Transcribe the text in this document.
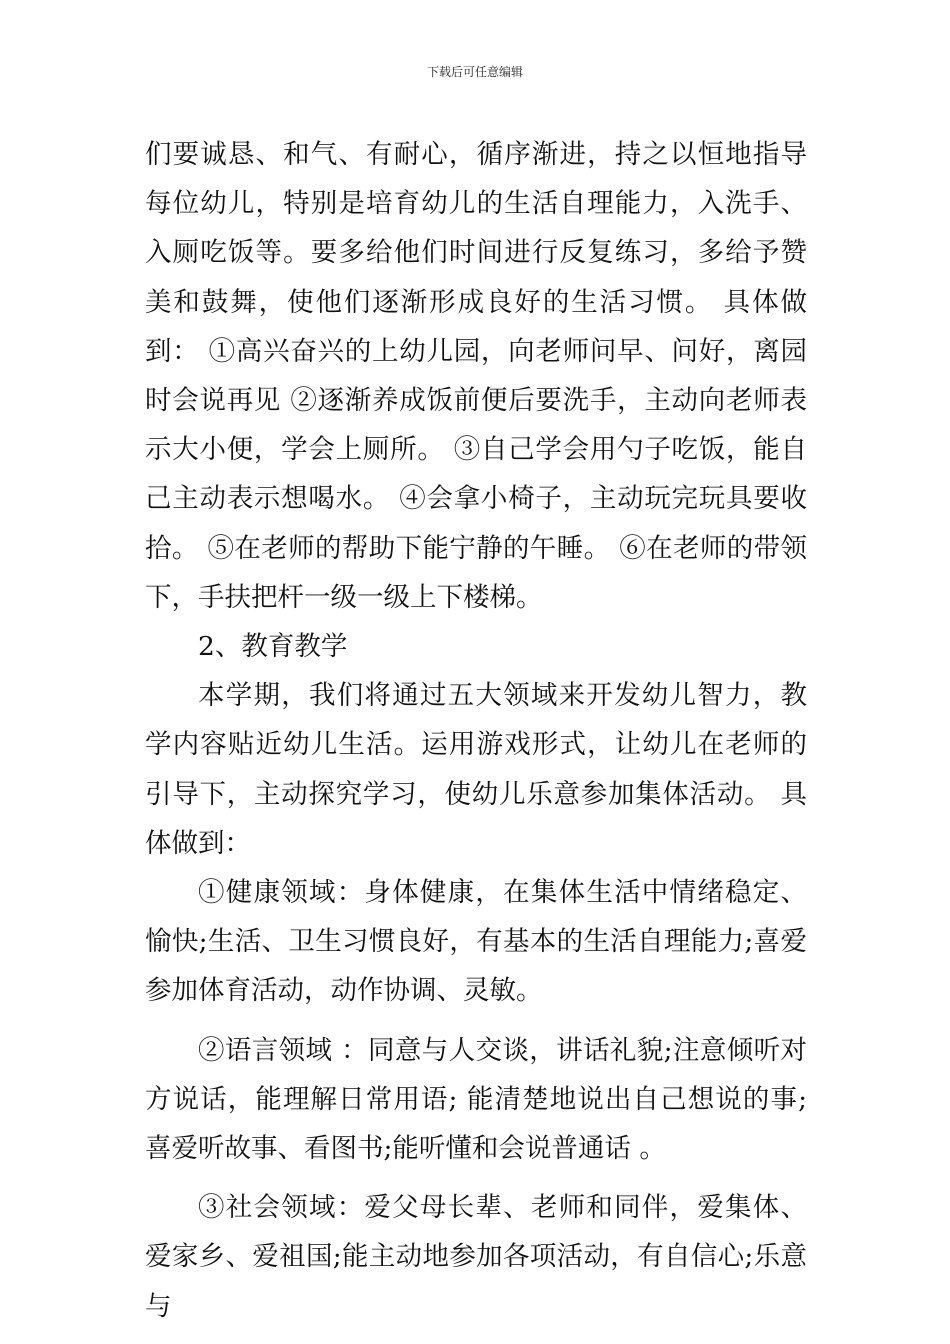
下载后可任意编辑

们要诚恳、和气、有耐心，循序渐进，持之以恒地指导每位幼儿，特别是培育幼儿的生活自理能力，入洗手、入厕吃饭等。要多给他们时间进行反复练习，多给予赞美和鼓舞，使他们逐渐形成良好的生活习惯。 具体做到： ①高兴奋兴的上幼儿园，向老师问早、问好，离园时会说再见 ②逐渐养成饭前便后要洗手，主动向老师表示大小便，学会上厕所。 ③自己学会用勺子吃饭，能自己主动表示想喝水。 ④会拿小椅子，主动玩完玩具要收拾。 ⑤在老师的帮助下能宁静的午睡。 ⑥在老师的带领下，手扶把杆一级一级上下楼梯。

2、教育教学

本学期，我们将通过五大领域来开发幼儿智力，教学内容贴近幼儿生活。运用游戏形式，让幼儿在老师的引导下，主动探究学习，使幼儿乐意参加集体活动。 具体做到：

①健康领域：身体健康，在集体生活中情绪稳定、愉快;生活、卫生习惯良好，有基本的生活自理能力;喜爱参加体育活动，动作协调、灵敏。

②语言领域 ：同意与人交谈，讲话礼貌;注意倾听对方说话，能理解日常用语; 能清楚地说出自己想说的事;喜爱听故事、看图书;能听懂和会说普通话 。

③社会领域：爱父母长辈、老师和同伴，爱集体、爱家乡、爱祖国;能主动地参加各项活动，有自信心;乐意与
